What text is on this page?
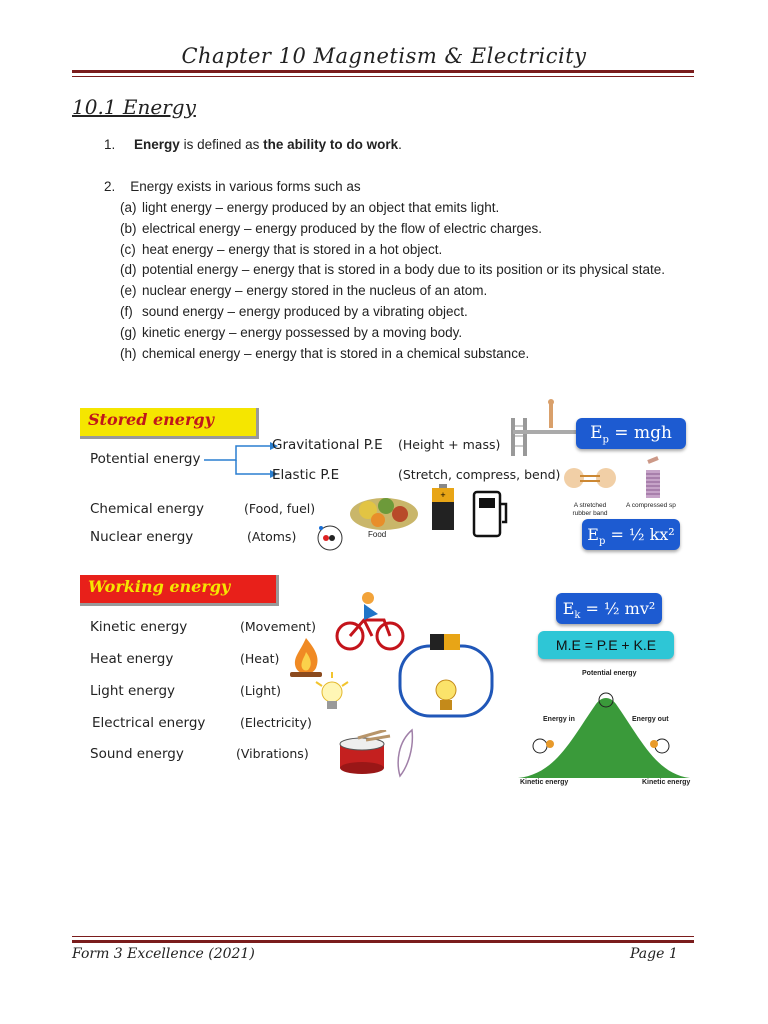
Chapter 10 Magnetism & Electricity
10.1 Energy
1. Energy is defined as the ability to do work.
2. Energy exists in various forms such as
(a) light energy – energy produced by an object that emits light.
(b) electrical energy – energy produced by the flow of electric charges.
(c) heat energy – energy that is stored in a hot object.
(d) potential energy – energy that is stored in a body due to its position or its physical state.
(e) nuclear energy – energy stored in the nucleus of an atom.
(f) sound energy – energy produced by a vibrating object.
(g) kinetic energy – energy possessed by a moving body.
(h) chemical energy – energy that is stored in a chemical substance.
Stored energy
Potential energy
Gravitational P.E (Height + mass)
Elastic P.E	(Stretch, compress, bend)
Chemical energy	(Food, fuel)
Nuclear energy	(Atoms)	Food
+
A stretched rubber band
A compressed sp
$E_p$ = mgh
$E_p$ = ½ kx²
Working energy
Kinetic energy	(Movement)
Heat energy	(Heat)
Light energy	(Light)
Electrical energy	(Electricity)
Sound energy	(Vibrations)
$E_k$ = ½ mv²
M.E = P.E + K.E
Potential energy
Energy in	Energy out
Kinetic energy	Kinetic energy
Form 3 Excellence (2021)	Page 1
